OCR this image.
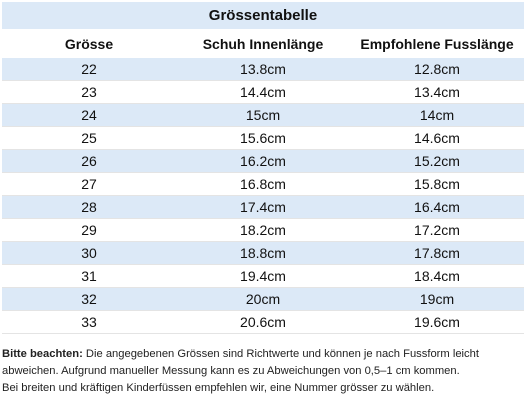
Grössentabelle		
Grösse	Schuh Innenlänge	Empfohlene Fusslänge
22	13.8cm	12.8cm
23	14.4cm	13.4cm
24	15cm	14cm
25	15.6cm	14.6cm
26	16.2cm	15.2cm
27	16.8cm	15.8cm
28	17.4cm	16.4cm
29	18.2cm	17.2cm
30	18.8cm	17.8cm
31	19.4cm	18.4cm
32	20cm	19cm
33	20.6cm	19.6cm
Bitte beachten: Die angegebenen Grössen sind Richtwerte und können je nach Fussform leicht
abweichen. Aufgrund manueller Messung kann es zu Abweichungen von 0,5–1 cm kommen.
Bei breiten und kräftigen Kinderfüssen empfehlen wir, eine Nummer grösser zu wählen.
